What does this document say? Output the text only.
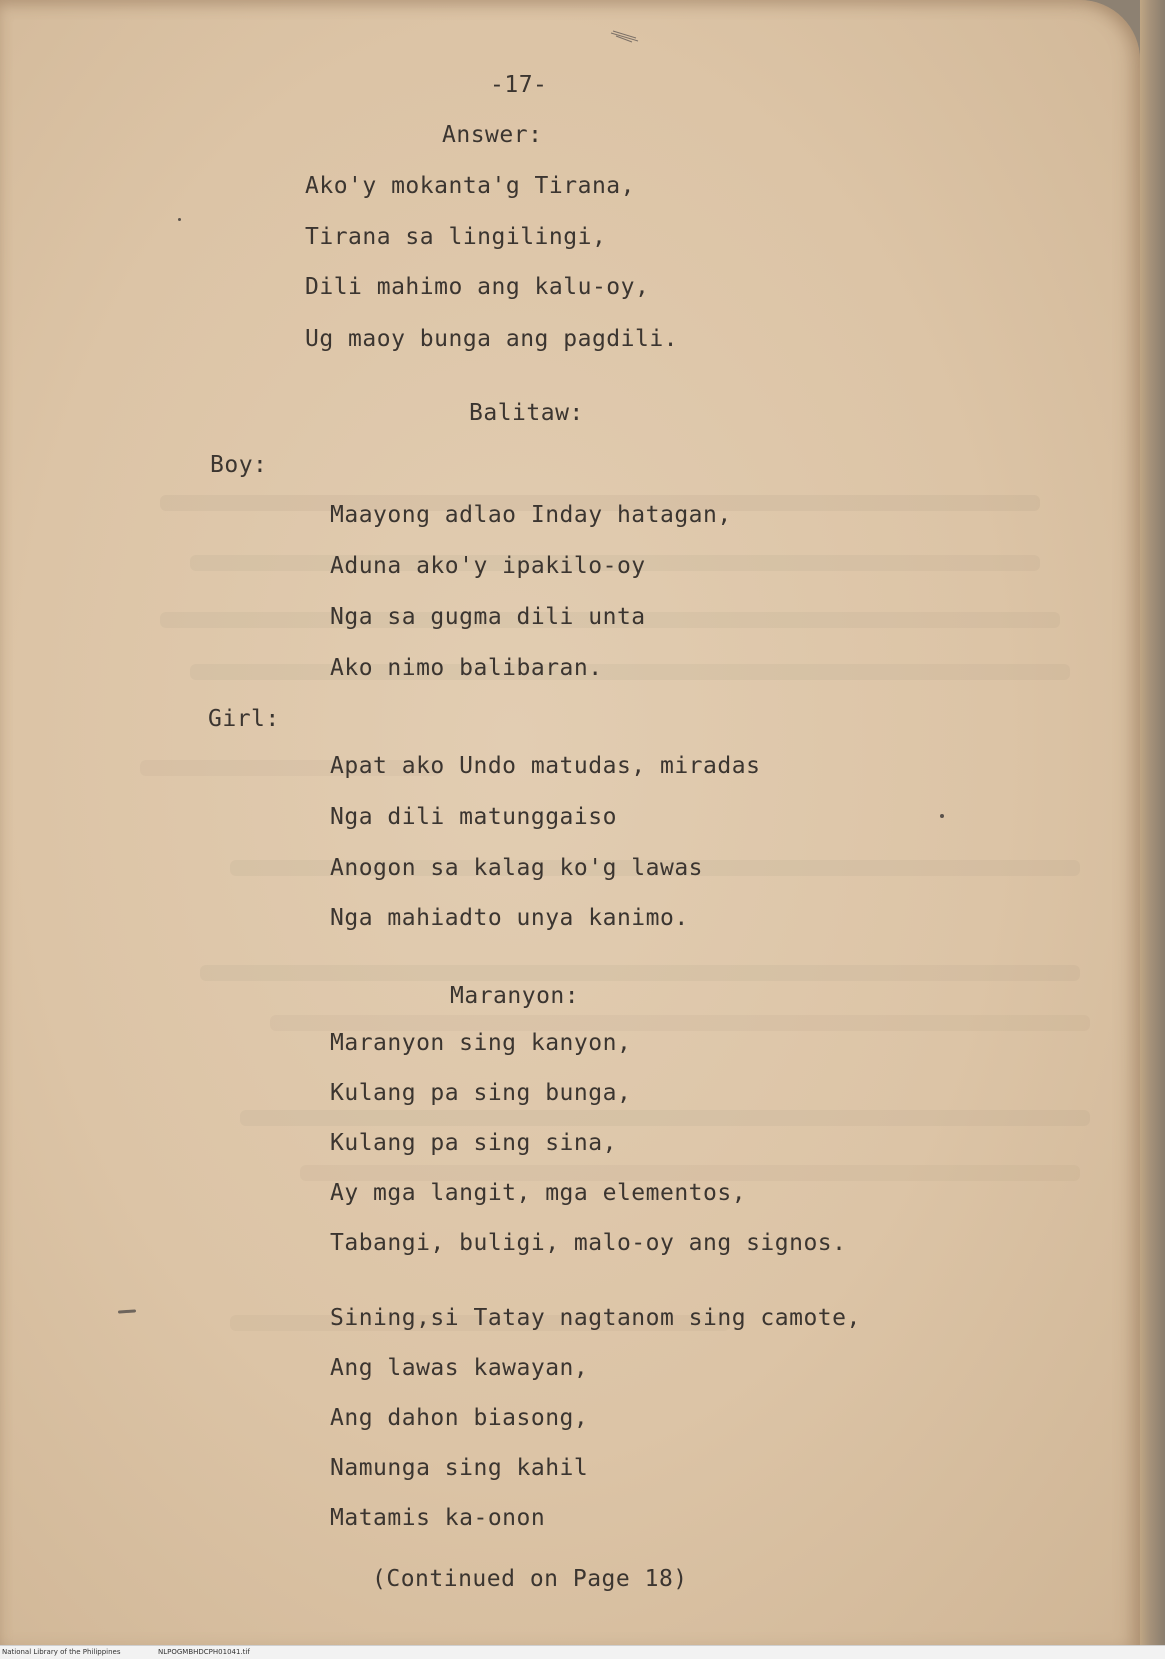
-17-

Answer:

Ako'y mokanta'g Tirana,

Tirana sa lingilingi,

Dili mahimo ang kalu-oy,

Ug maoy bunga ang pagdili.

Balitaw:

Boy:

Maayong adlao Inday hatagan,

Aduna ako'y ipakilo-oy

Nga sa gugma dili unta

Ako nimo balibaran.

Girl:

Apat ako Undo matudas, miradas

Nga dili matunggaiso

Anogon sa kalag ko'g lawas

Nga mahiadto unya kanimo.

Maranyon:

Maranyon sing kanyon,

Kulang pa sing bunga,

Kulang pa sing sina,

Ay mga langit, mga elementos,

Tabangi, buligi, malo-oy ang signos.

Sining,si Tatay nagtanom sing camote,

Ang lawas kawayan,

Ang dahon biasong,

Namunga sing kahil

Matamis ka-onon

(Continued on Page 18)

National Library of the Philippines	NLPOGMBHDCPH01041.tif
